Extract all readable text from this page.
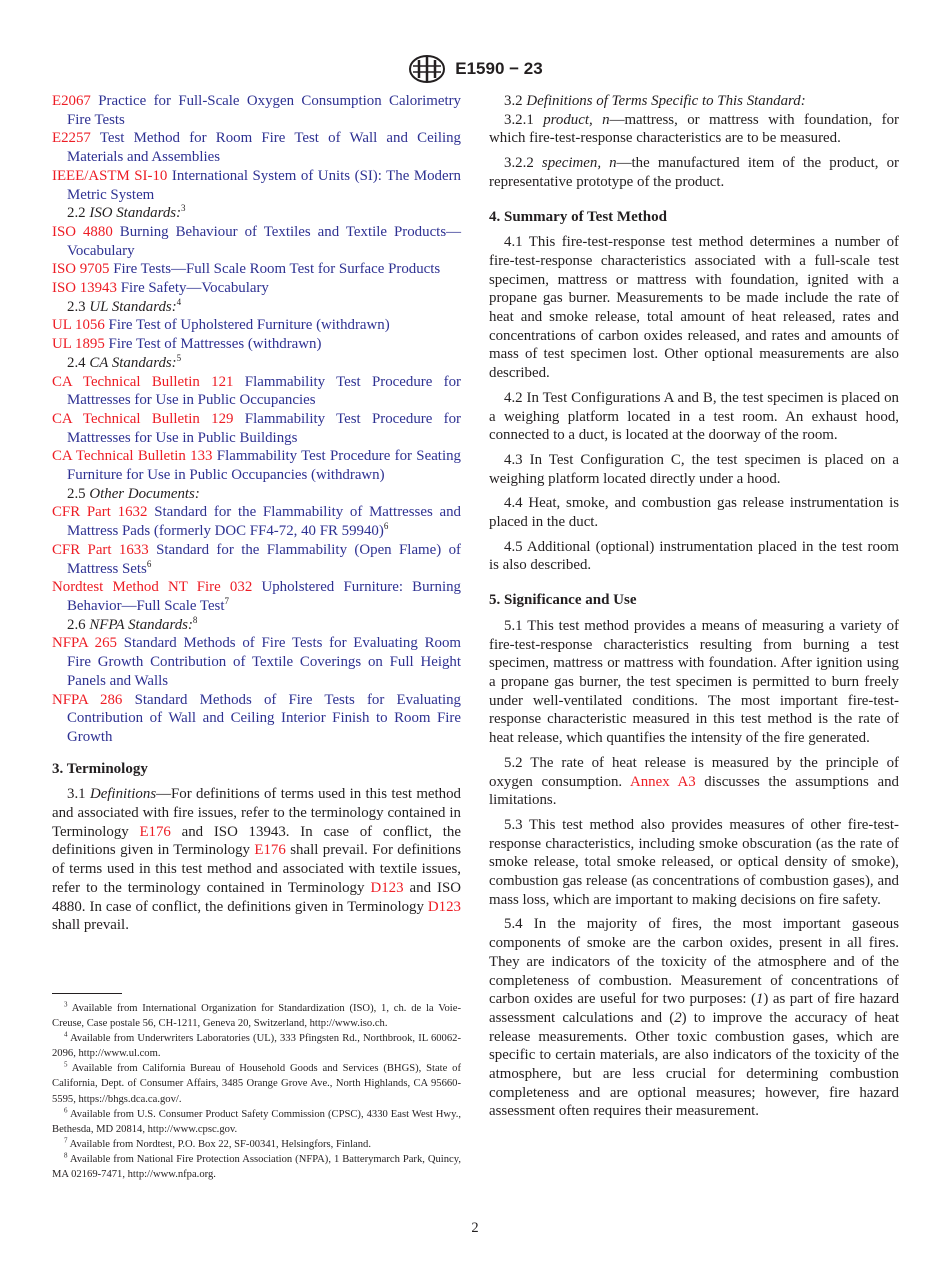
E1590 − 23
E2067 Practice for Full-Scale Oxygen Consumption Calorimetry Fire Tests
E2257 Test Method for Room Fire Test of Wall and Ceiling Materials and Assemblies
IEEE/ASTM SI-10 International System of Units (SI): The Modern Metric System
2.2 ISO Standards:$^3$
ISO 4880 Burning Behaviour of Textiles and Textile Products—Vocabulary
ISO 9705 Fire Tests—Full Scale Room Test for Surface Products
ISO 13943 Fire Safety—Vocabulary
2.3 UL Standards:$^4$
UL 1056 Fire Test of Upholstered Furniture (withdrawn)
UL 1895 Fire Test of Mattresses (withdrawn)
2.4 CA Standards:$^5$
CA Technical Bulletin 121 Flammability Test Procedure for Mattresses for Use in Public Occupancies
CA Technical Bulletin 129 Flammability Test Procedure for Mattresses for Use in Public Buildings
CA Technical Bulletin 133 Flammability Test Procedure for Seating Furniture for Use in Public Occupancies (withdrawn)
2.5 Other Documents:
CFR Part 1632 Standard for the Flammability of Mattresses and Mattress Pads (formerly DOC FF4-72, 40 FR 59940)$^6$
CFR Part 1633 Standard for the Flammability (Open Flame) of Mattress Sets$^6$
Nordtest Method NT Fire 032 Upholstered Furniture: Burning Behavior—Full Scale Test$^7$
2.6 NFPA Standards:$^8$
NFPA 265 Standard Methods of Fire Tests for Evaluating Room Fire Growth Contribution of Textile Coverings on Full Height Panels and Walls
NFPA 286 Standard Methods of Fire Tests for Evaluating Contribution of Wall and Ceiling Interior Finish to Room Fire Growth
3. Terminology
3.1 Definitions—For definitions of terms used in this test method and associated with fire issues, refer to the terminology contained in Terminology E176 and ISO 13943. In case of conflict, the definitions given in Terminology E176 shall prevail. For definitions of terms used in this test method and associated with textile issues, refer to the terminology contained in Terminology D123 and ISO 4880. In case of conflict, the definitions given in Terminology D123 shall prevail.
$^3$ Available from International Organization for Standardization (ISO), 1, ch. de la Voie-Creuse, Case postale 56, CH-1211, Geneva 20, Switzerland, http://www.iso.ch.
$^4$ Available from Underwriters Laboratories (UL), 333 Pfingsten Rd., Northbrook, IL 60062-2096, http://www.ul.com.
$^5$ Available from California Bureau of Household Goods and Services (BHGS), State of California, Dept. of Consumer Affairs, 3485 Orange Grove Ave., North Highlands, CA 95660-5595, https://bhgs.dca.ca.gov/.
$^6$ Available from U.S. Consumer Product Safety Commission (CPSC), 4330 East West Hwy., Bethesda, MD 20814, http://www.cpsc.gov.
$^7$ Available from Nordtest, P.O. Box 22, SF-00341, Helsingfors, Finland.
$^8$ Available from National Fire Protection Association (NFPA), 1 Batterymarch Park, Quincy, MA 02169-7471, http://www.nfpa.org.
3.2 Definitions of Terms Specific to This Standard:
3.2.1 product, n—mattress, or mattress with foundation, for which fire-test-response characteristics are to be measured.
3.2.2 specimen, n—the manufactured item of the product, or representative prototype of the product.
4. Summary of Test Method
4.1 This fire-test-response test method determines a number of fire-test-response characteristics associated with a full-scale test specimen, mattress or mattress with foundation, ignited with a propane gas burner. Measurements to be made include the rate of heat and smoke release, total amount of heat released, rates and concentrations of carbon oxides released, and rates and amounts of mass of test specimen lost. Other optional measurements are also described.
4.2 In Test Configurations A and B, the test specimen is placed on a weighing platform located in a test room. An exhaust hood, connected to a duct, is located at the doorway of the room.
4.3 In Test Configuration C, the test specimen is placed on a weighing platform located directly under a hood.
4.4 Heat, smoke, and combustion gas release instrumentation is placed in the duct.
4.5 Additional (optional) instrumentation placed in the test room is also described.
5. Significance and Use
5.1 This test method provides a means of measuring a variety of fire-test-response characteristics resulting from burning a test specimen, mattress or mattress with foundation. After ignition using a propane gas burner, the test specimen is permitted to burn freely under well-ventilated conditions. The most important fire-test-response characteristic measured in this test method is the rate of heat release, which quantifies the intensity of the fire generated.
5.2 The rate of heat release is measured by the principle of oxygen consumption. Annex A3 discusses the assumptions and limitations.
5.3 This test method also provides measures of other fire-test-response characteristics, including smoke obscuration (as the rate of smoke release, total smoke released, or optical density of smoke), combustion gas release (as concentrations of combustion gases), and mass loss, which are important to making decisions on fire safety.
5.4 In the majority of fires, the most important gaseous components of smoke are the carbon oxides, present in all fires. They are indicators of the toxicity of the atmosphere and of the completeness of combustion. Measurement of concentrations of carbon oxides are useful for two purposes: (1) as part of fire hazard assessment calculations and (2) to improve the accuracy of heat release measurements. Other toxic combustion gases, which are specific to certain materials, are also indicators of the toxicity of the atmosphere, but are less crucial for determining combustion completeness and are optional measures; however, fire hazard assessment often requires their measurement.
2
